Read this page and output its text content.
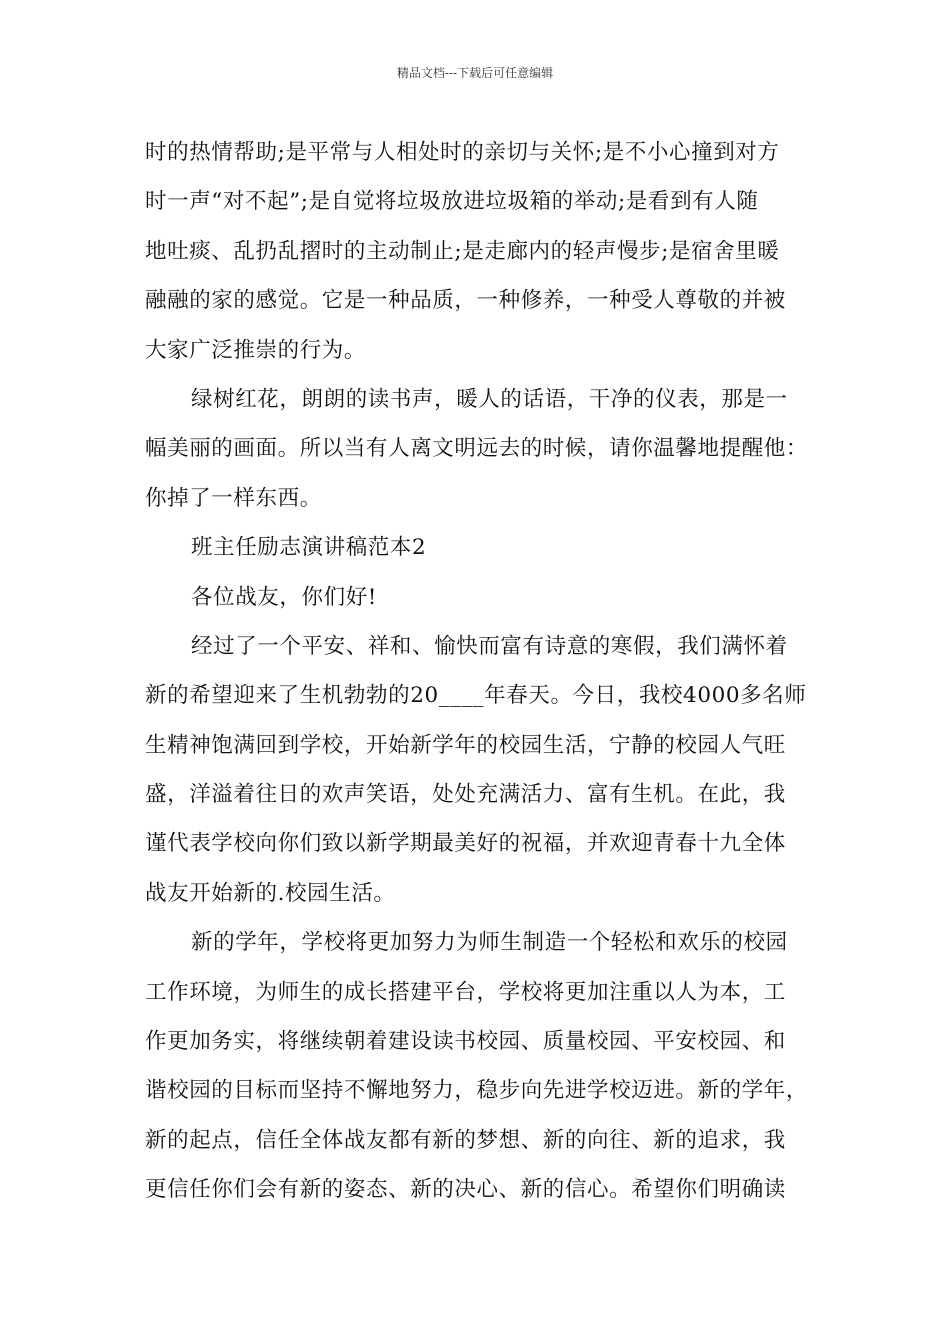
精品文档---下载后可任意编辑
时的热情帮助;是平常与人相处时的亲切与关怀;是不小心撞到对方
时一声“对不起”;是自觉将垃圾放进垃圾箱的举动;是看到有人随
地吐痰、乱扔乱摺时的主动制止;是走廊内的轻声慢步;是宿舍里暖
融融的家的感觉。它是一种品质，一种修养，一种受人尊敬的并被
大家广泛推崇的行为。
绿树红花，朗朗的读书声，暖人的话语，干净的仪表，那是一
幅美丽的画面。所以当有人离文明远去的时候，请你温馨地提醒他：
你掉了一样东西。
班主任励志演讲稿范本2
各位战友，你们好!
经过了一个平安、祥和、愉快而富有诗意的寒假，我们满怀着
新的希望迎来了生机勃勃的20____年春天。今日，我校4000多名师
生精神饱满回到学校，开始新学年的校园生活，宁静的校园人气旺
盛，洋溢着往日的欢声笑语，处处充满活力、富有生机。在此，我
谨代表学校向你们致以新学期最美好的祝福，并欢迎青春十九全体
战友开始新的.校园生活。
新的学年，学校将更加努力为师生制造一个轻松和欢乐的校园
工作环境，为师生的成长搭建平台，学校将更加注重以人为本，工
作更加务实，将继续朝着建设读书校园、质量校园、平安校园、和
谐校园的目标而坚持不懈地努力，稳步向先进学校迈进。新的学年，
新的起点，信任全体战友都有新的梦想、新的向往、新的追求，我
更信任你们会有新的姿态、新的决心、新的信心。希望你们明确读
